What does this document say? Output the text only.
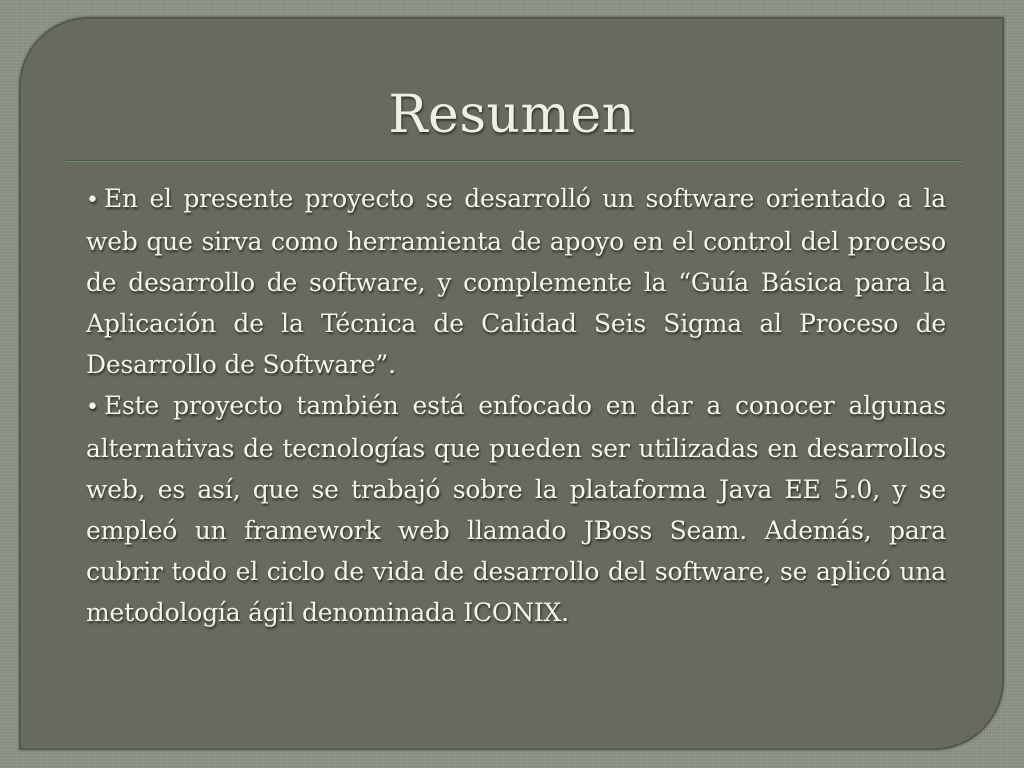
Resumen

• En el presente proyecto se desarrolló un software orientado a la web que sirva como herramienta de apoyo en el control del proceso de desarrollo de software, y complemente la “Guía Básica para la Aplicación de la Técnica de Calidad Seis Sigma al Proceso de Desarrollo de Software”.

• Este proyecto también está enfocado en dar a conocer algunas alternativas de tecnologías que pueden ser utilizadas en desarrollos web, es así, que se trabajó sobre la plataforma Java EE 5.0, y se empleó un framework web llamado JBoss Seam. Además, para cubrir todo el ciclo de vida de desarrollo del software, se aplicó una metodología ágil denominada ICONIX.
